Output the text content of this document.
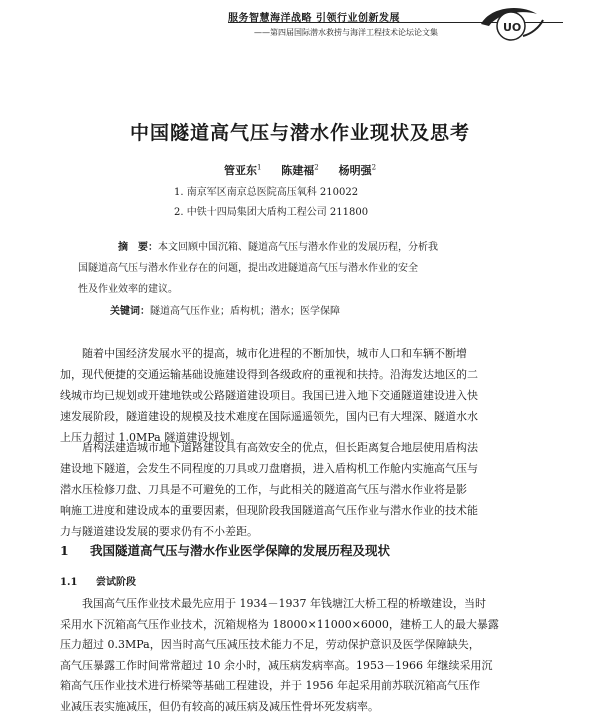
服务智慧海洋战略 引领行业创新发展
——第四届国际潜水救捞与海洋工程技术论坛论文集	UO
中国隧道高气压与潜水作业现状及思考
管亚东$^1$ 陈建福$^2$ 杨明强$^2$
1. 南京军区南京总医院高压氧科 210022
2. 中铁十四局集团大盾构工程公司 211800
摘　要：本文回顾中国沉箱、隧道高气压与潜水作业的发展历程，分析我
国隧道高气压与潜水作业存在的问题，提出改进隧道高气压与潜水作业的安全
性及作业效率的建议。
关键词：隧道高气压作业；盾构机；潜水；医学保障
随着中国经济发展水平的提高，城市化进程的不断加快，城市人口和车辆不断增
加，现代便捷的交通运输基础设施建设得到各级政府的重视和扶持。沿海发达地区的二
线城市均已规划或开建地铁或公路隧道建设项目。我国已进入地下交通隧道建设进入快
速发展阶段，隧道建设的规模及技术难度在国际遥遥领先，国内已有大埋深、隧道水水
上压力超过 1.0MPa 隧道建设规划。
盾构法建造城市地下道路建设具有高效安全的优点，但长距离复合地层使用盾构法
建设地下隧道，会发生不同程度的刀具或刀盘磨损，进入盾构机工作舱内实施高气压与
潜水压检修刀盘、刀具是不可避免的工作，与此相关的隧道高气压与潜水作业将是影
响施工进度和建设成本的重要因素，但现阶段我国隧道高气压作业与潜水作业的技术能
力与隧道建设发展的要求仍有不小差距。
1 我国隧道高气压与潜水作业医学保障的发展历程及现状
1.1 尝试阶段
我国高气压作业技术最先应用于 1934－1937 年钱塘江大桥工程的桥墩建设，当时
采用水下沉箱高气压作业技术，沉箱规格为 18000×11000×6000，建桥工人的最大暴露
压力超过 0.3MPa，因当时高气压减压技术能力不足，劳动保护意识及医学保障缺失，
高气压暴露工作时间常常超过 10 余小时，减压病发病率高。1953－1966 年继续采用沉
箱高气压作业技术进行桥梁等基础工程建设，并于 1956 年起采用前苏联沉箱高气压作
业减压表实施减压，但仍有较高的减压病及减压性骨坏死发病率。
